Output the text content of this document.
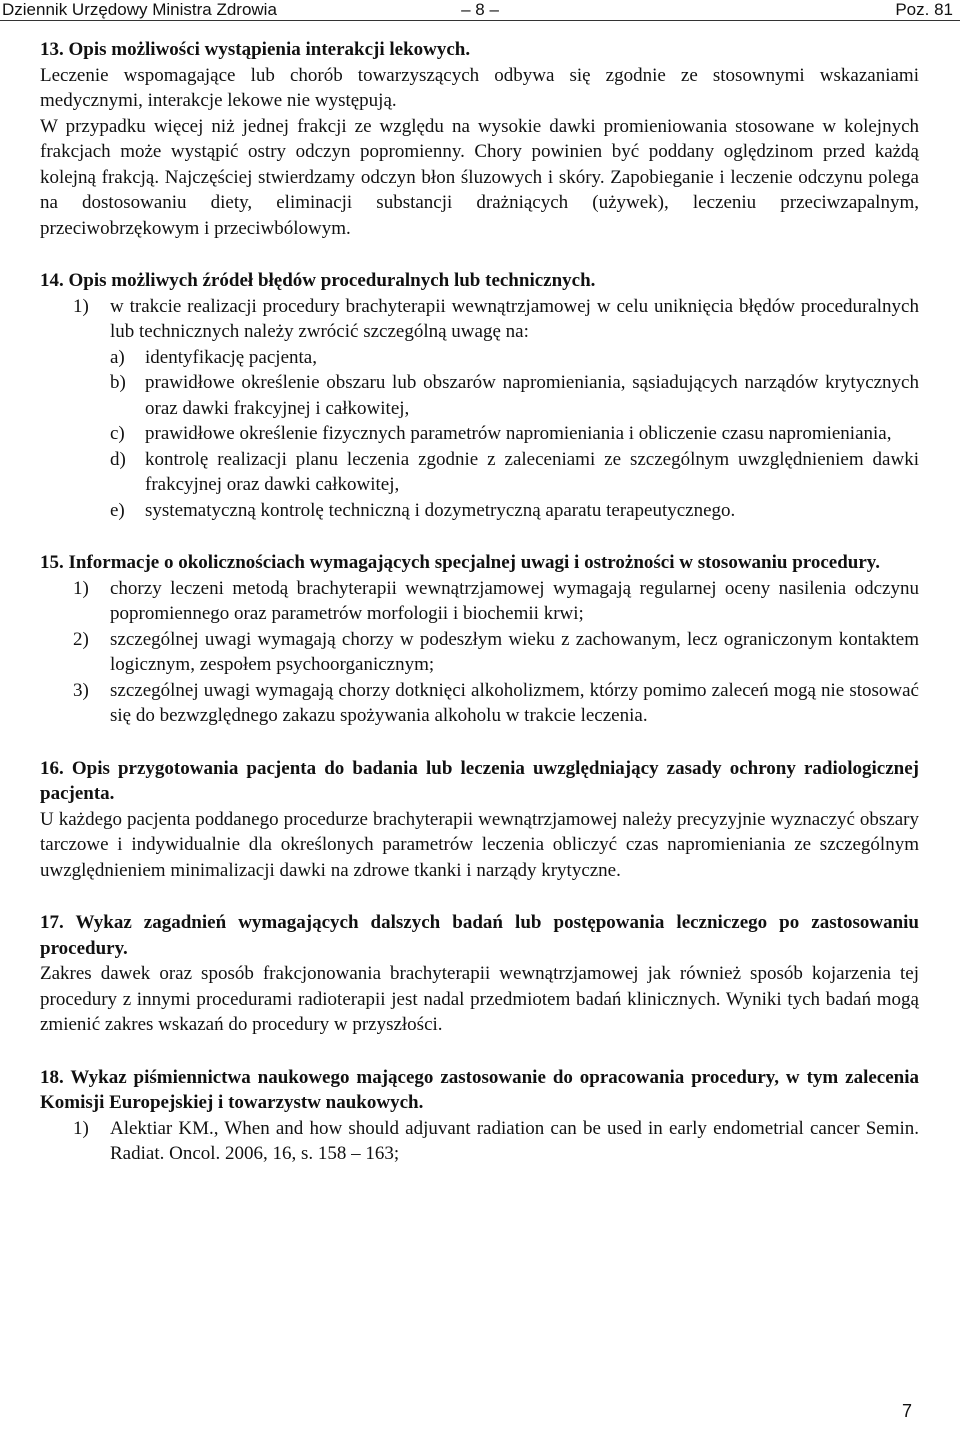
Dziennik Urzędowy Ministra Zdrowia	– 8 –	Poz. 81

13. Opis możliwości wystąpienia interakcji lekowych.

Leczenie wspomagające lub chorób towarzyszących odbywa się zgodnie ze stosownymi wskazaniami medycznymi, interakcje lekowe nie występują.

W przypadku więcej niż jednej frakcji ze względu na wysokie dawki promieniowania stosowane w kolejnych frakcjach może wystąpić ostry odczyn popromienny. Chory powinien być poddany oględzinom przed każdą kolejną frakcją. Najczęściej stwierdzamy odczyn błon śluzowych i skóry. Zapobieganie i leczenie odczynu polega na dostosowaniu diety, eliminacji substancji drażniących (używek), leczeniu przeciwzapalnym, przeciwobrzękowym i przeciwbólowym.

14. Opis możliwych źródeł błędów proceduralnych lub technicznych.

1) w trakcie realizacji procedury brachyterapii wewnątrzjamowej w celu uniknięcia błędów proceduralnych lub technicznych należy zwrócić szczególną uwagę na:
a) identyfikację pacjenta,
b) prawidłowe określenie obszaru lub obszarów napromieniania, sąsiadujących narządów krytycznych oraz dawki frakcyjnej i całkowitej,
c) prawidłowe określenie fizycznych parametrów napromieniania i obliczenie czasu napromieniania,
d) kontrolę realizacji planu leczenia zgodnie z zaleceniami ze szczególnym uwzględnieniem dawki frakcyjnej oraz dawki całkowitej,
e) systematyczną kontrolę techniczną i dozymetryczną aparatu terapeutycznego.

15. Informacje o okolicznościach wymagających specjalnej uwagi i ostrożności w stosowaniu procedury.

1) chorzy leczeni metodą brachyterapii wewnątrzjamowej wymagają regularnej oceny nasilenia odczynu popromiennego oraz parametrów morfologii i biochemii krwi;
2) szczególnej uwagi wymagają chorzy w podeszłym wieku z zachowanym, lecz ograniczonym kontaktem logicznym, zespołem psychoorganicznym;
3) szczególnej uwagi wymagają chorzy dotknięci alkoholizmem, którzy pomimo zaleceń mogą nie stosować się do bezwzględnego zakazu spożywania alkoholu w trakcie leczenia.

16. Opis przygotowania pacjenta do badania lub leczenia uwzględniający zasady ochrony radiologicznej pacjenta.

U każdego pacjenta poddanego procedurze brachyterapii wewnątrzjamowej należy precyzyjnie wyznaczyć obszary tarczowe i indywidualnie dla określonych parametrów leczenia obliczyć czas napromieniania ze szczególnym uwzględnieniem minimalizacji dawki na zdrowe tkanki i narządy krytyczne.

17. Wykaz zagadnień wymagających dalszych badań lub postępowania leczniczego po zastosowaniu procedury.

Zakres dawek oraz sposób frakcjonowania brachyterapii wewnątrzjamowej jak również sposób kojarzenia tej procedury z innymi procedurami radioterapii jest nadal przedmiotem badań klinicznych. Wyniki tych badań mogą zmienić zakres wskazań do procedury w przyszłości.

18. Wykaz piśmiennictwa naukowego mającego zastosowanie do opracowania procedury, w tym zalecenia Komisji Europejskiej i towarzystw naukowych.

1) Alektiar KM., When and how should adjuvant radiation can be used in early endometrial cancer Semin. Radiat. Oncol. 2006, 16, s. 158 – 163;
7
